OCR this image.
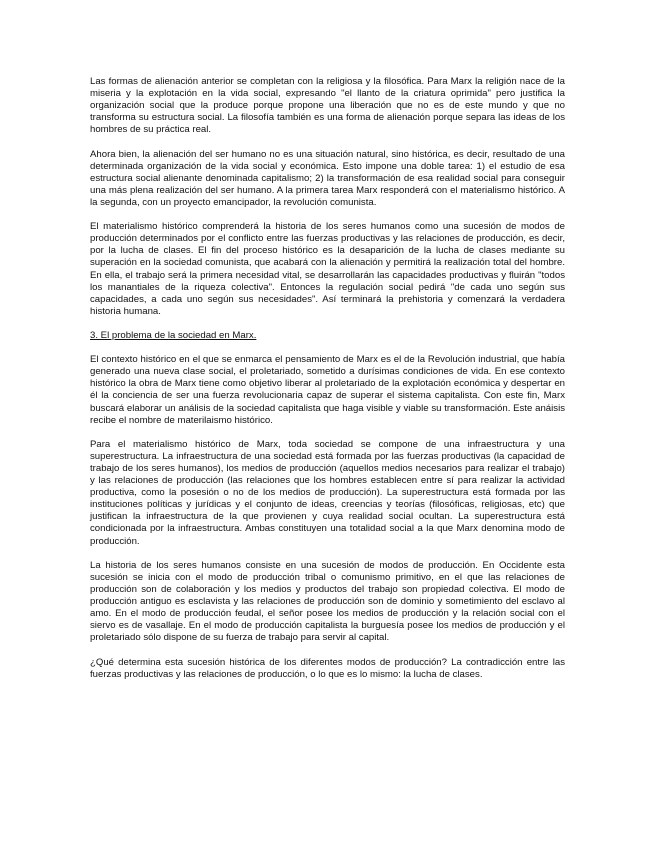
Las formas de alienación anterior se completan con la religiosa y la filosófica. Para Marx la religión nace de la miseria y la explotación en la vida social, expresando "el llanto de la criatura oprimida" pero justifica la organización social que la produce porque propone una liberación que no es de este mundo y que no transforma su estructura social. La filosofía también es una forma de alienación porque separa las ideas de los hombres de su práctica real.

Ahora bien, la alienación del ser humano no es una situación natural, sino histórica, es decir, resultado de una determinada organización de la vida social y económica. Esto impone una doble tarea: 1) el estudio de esa estructura social alienante denominada capitalismo; 2) la transformación de esa realidad social para conseguir una más plena realización del ser humano. A la primera tarea Marx responderá con el materialismo histórico. A la segunda, con un proyecto emancipador, la revolución comunista.

El materialismo histórico comprenderá la historia de los seres humanos como una sucesión de modos de producción determinados por el conflicto entre las fuerzas productivas y las relaciones de producción, es decir, por la lucha de clases. El fin del proceso histórico es la desaparición de la lucha de clases mediante su superación en la sociedad comunista, que acabará con la alienación y permitirá la realización total del hombre. En ella, el trabajo será la primera necesidad vital, se desarrollarán las capacidades productivas y fluirán "todos los manantiales de la riqueza colectiva". Entonces la regulación social pedirá "de cada uno según sus capacidades, a cada uno según sus necesidades". Así terminará la prehistoria y comenzará la verdadera historia humana.

3. El problema de la sociedad en Marx.

El contexto histórico en el que se enmarca el pensamiento de Marx es el de la Revolución industrial, que había generado una nueva clase social, el proletariado, sometido a durísimas condiciones de vida. En ese contexto histórico la obra de Marx tiene como objetivo liberar al proletariado de la explotación económica y despertar en él la conciencia de ser una fuerza revolucionaria capaz de superar el sistema capitalista. Con este fin, Marx buscará elaborar un análisis de la sociedad capitalista que haga visible y viable su transformación. Este anáisis recibe el nombre de materilaismo histórico.

Para el materialismo histórico de Marx, toda sociedad se compone de una infraestructura y una superestructura. La infraestructura de una sociedad está formada por las fuerzas productivas (la capacidad de trabajo de los seres humanos), los medios de producción (aquellos medios necesarios para realizar el trabajo) y las relaciones de producción (las relaciones que los hombres establecen entre sí para realizar la actividad productiva, como la posesión o no de los medios de producción). La superestructura está formada por las instituciones políticas y jurídicas y el conjunto de ideas, creencias y teorías (filosóficas, religiosas, etc) que justifican la infraestructura de la que provienen y cuya realidad social ocultan. La superestructura está condicionada por la infraestructura. Ambas constituyen una totalidad social a la que Marx denomina modo de producción.

La historia de los seres humanos consiste en una sucesión de modos de producción. En Occidente esta sucesión se inicia con el modo de producción tribal o comunismo primitivo, en el que las relaciones de producción son de colaboración y los medios y productos del trabajo son propiedad colectiva. El modo de producción antiguo es esclavista y las relaciones de producción son de dominio y sometimiento del esclavo al amo. En el modo de producción feudal, el señor posee los medios de producción y la relación social con el siervo es de vasallaje. En el modo de producción capitalista la burguesía posee los medios de producción y el proletariado sólo dispone de su fuerza de trabajo para servir al capital.

¿Qué determina esta sucesión histórica de los diferentes modos de producción? La contradicción entre las fuerzas productivas y las relaciones de producción, o lo que es lo mismo: la lucha de clases.
